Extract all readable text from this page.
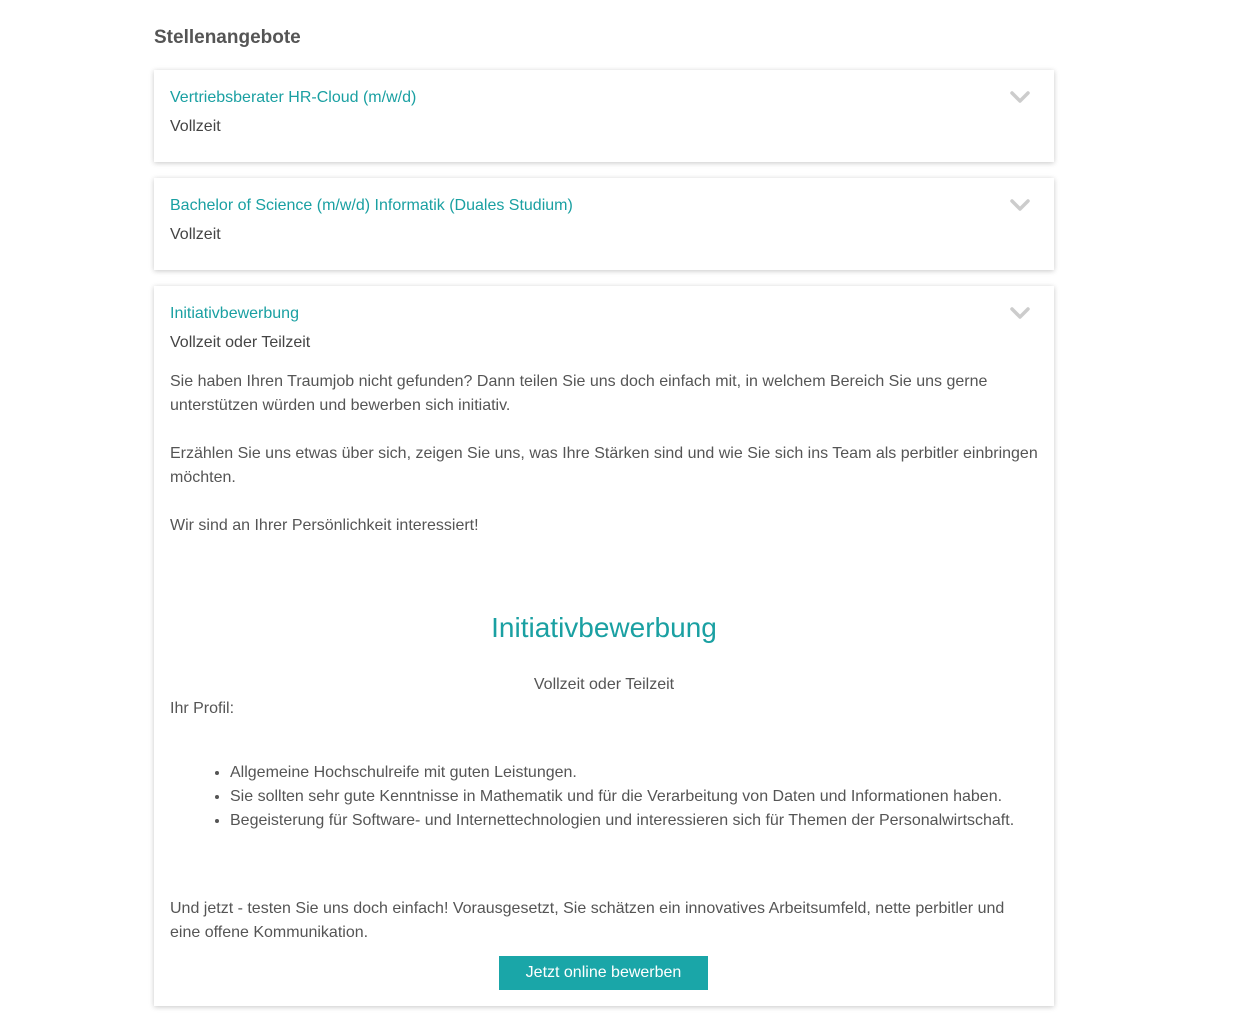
Stellenangebote
Vertriebsberater HR-Cloud (m/w/d)
Vollzeit
Bachelor of Science (m/w/d) Informatik (Duales Studium)
Vollzeit
Initiativbewerbung
Vollzeit oder Teilzeit

Sie haben Ihren Traumjob nicht gefunden? Dann teilen Sie uns doch einfach mit, in welchem Bereich Sie uns gerne unterstützen würden und bewerben sich initiativ.

Erzählen Sie uns etwas über sich, zeigen Sie uns, was Ihre Stärken sind und wie Sie sich ins Team als perbitler einbringen möchten.

Wir sind an Ihrer Persönlichkeit interessiert!

Initiativbewerbung
Vollzeit oder Teilzeit
Ihr Profil:
• Allgemeine Hochschulreife mit guten Leistungen.
• Sie sollten sehr gute Kenntnisse in Mathematik und für die Verarbeitung von Daten und Informationen haben.
• Begeisterung für Software- und Internettechnologien und interessieren sich für Themen der Personalwirtschaft.
Und jetzt - testen Sie uns doch einfach! Vorausgesetzt, Sie schätzen ein innovatives Arbeitsumfeld, nette perbitler und eine offene Kommunikation.
Jetzt online bewerben
